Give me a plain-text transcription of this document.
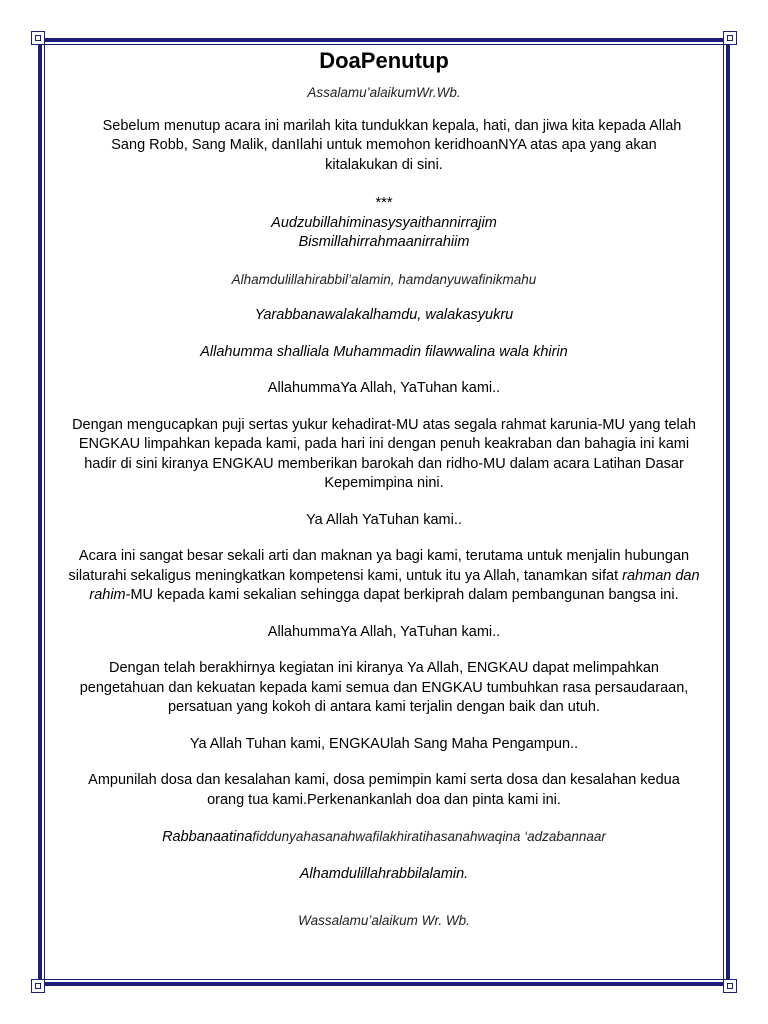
DoaPenutup
Assalamu’alaikumWr.Wb.
Sebelum menutup acara ini marilah kita tundukkan kepala, hati, dan jiwa kita kepada Allah
Sang Robb, Sang Malik, danIlahi untuk memohon keridhoanNYA atas apa yang akan
kitalakukan di sini.
***
Audzubillahiminasysyaithannirrajim
Bismillahirrahmaanirrahiim
Alhamdulillahirabbil’alamin, hamdanyuwafinikmahu
Yarabbanawalakalhamdu, walakasyukru
Allahumma shalliala Muhammadin filawwalina wala khirin
AllahummaYa Allah, YaTuhan kami..
Dengan mengucapkan puji sertas yukur kehadirat-MU atas segala rahmat karunia-MU yang telah
ENGKAU limpahkan kepada kami, pada hari ini dengan penuh keakraban dan bahagia ini kami
hadir di sini kiranya ENGKAU memberikan barokah dan ridho-MU dalam acara Latihan Dasar
Kepemimpina nini.
Ya Allah YaTuhan kami..
Acara ini sangat besar sekali arti dan maknan ya bagi kami, terutama untuk menjalin hubungan
silaturahi sekaligus meningkatkan kompetensi kami, untuk itu ya Allah, tanamkan sifat rahman dan
rahim-MU kepada kami sekalian sehingga dapat berkiprah dalam pembangunan bangsa ini.
AllahummaYa Allah, YaTuhan kami..
Dengan telah berakhirnya kegiatan ini kiranya Ya Allah, ENGKAU dapat melimpahkan
pengetahuan dan kekuatan kepada kami semua dan ENGKAU tumbuhkan rasa persaudaraan,
persatuan yang kokoh di antara kami terjalin dengan baik dan utuh.
Ya Allah Tuhan kami, ENGKAUlah Sang Maha Pengampun..
Ampunilah dosa dan kesalahan kami, dosa pemimpin kami serta dosa dan kesalahan kedua
orang tua kami.Perkenankanlah doa dan pinta kami ini.
Rabbanaatinafiddunyahasanahwafilakhiratihasanahwaqina ‘adzabannaar
Alhamdulillahrabbilalamin.
Wassalamu’alaikum Wr. Wb.
